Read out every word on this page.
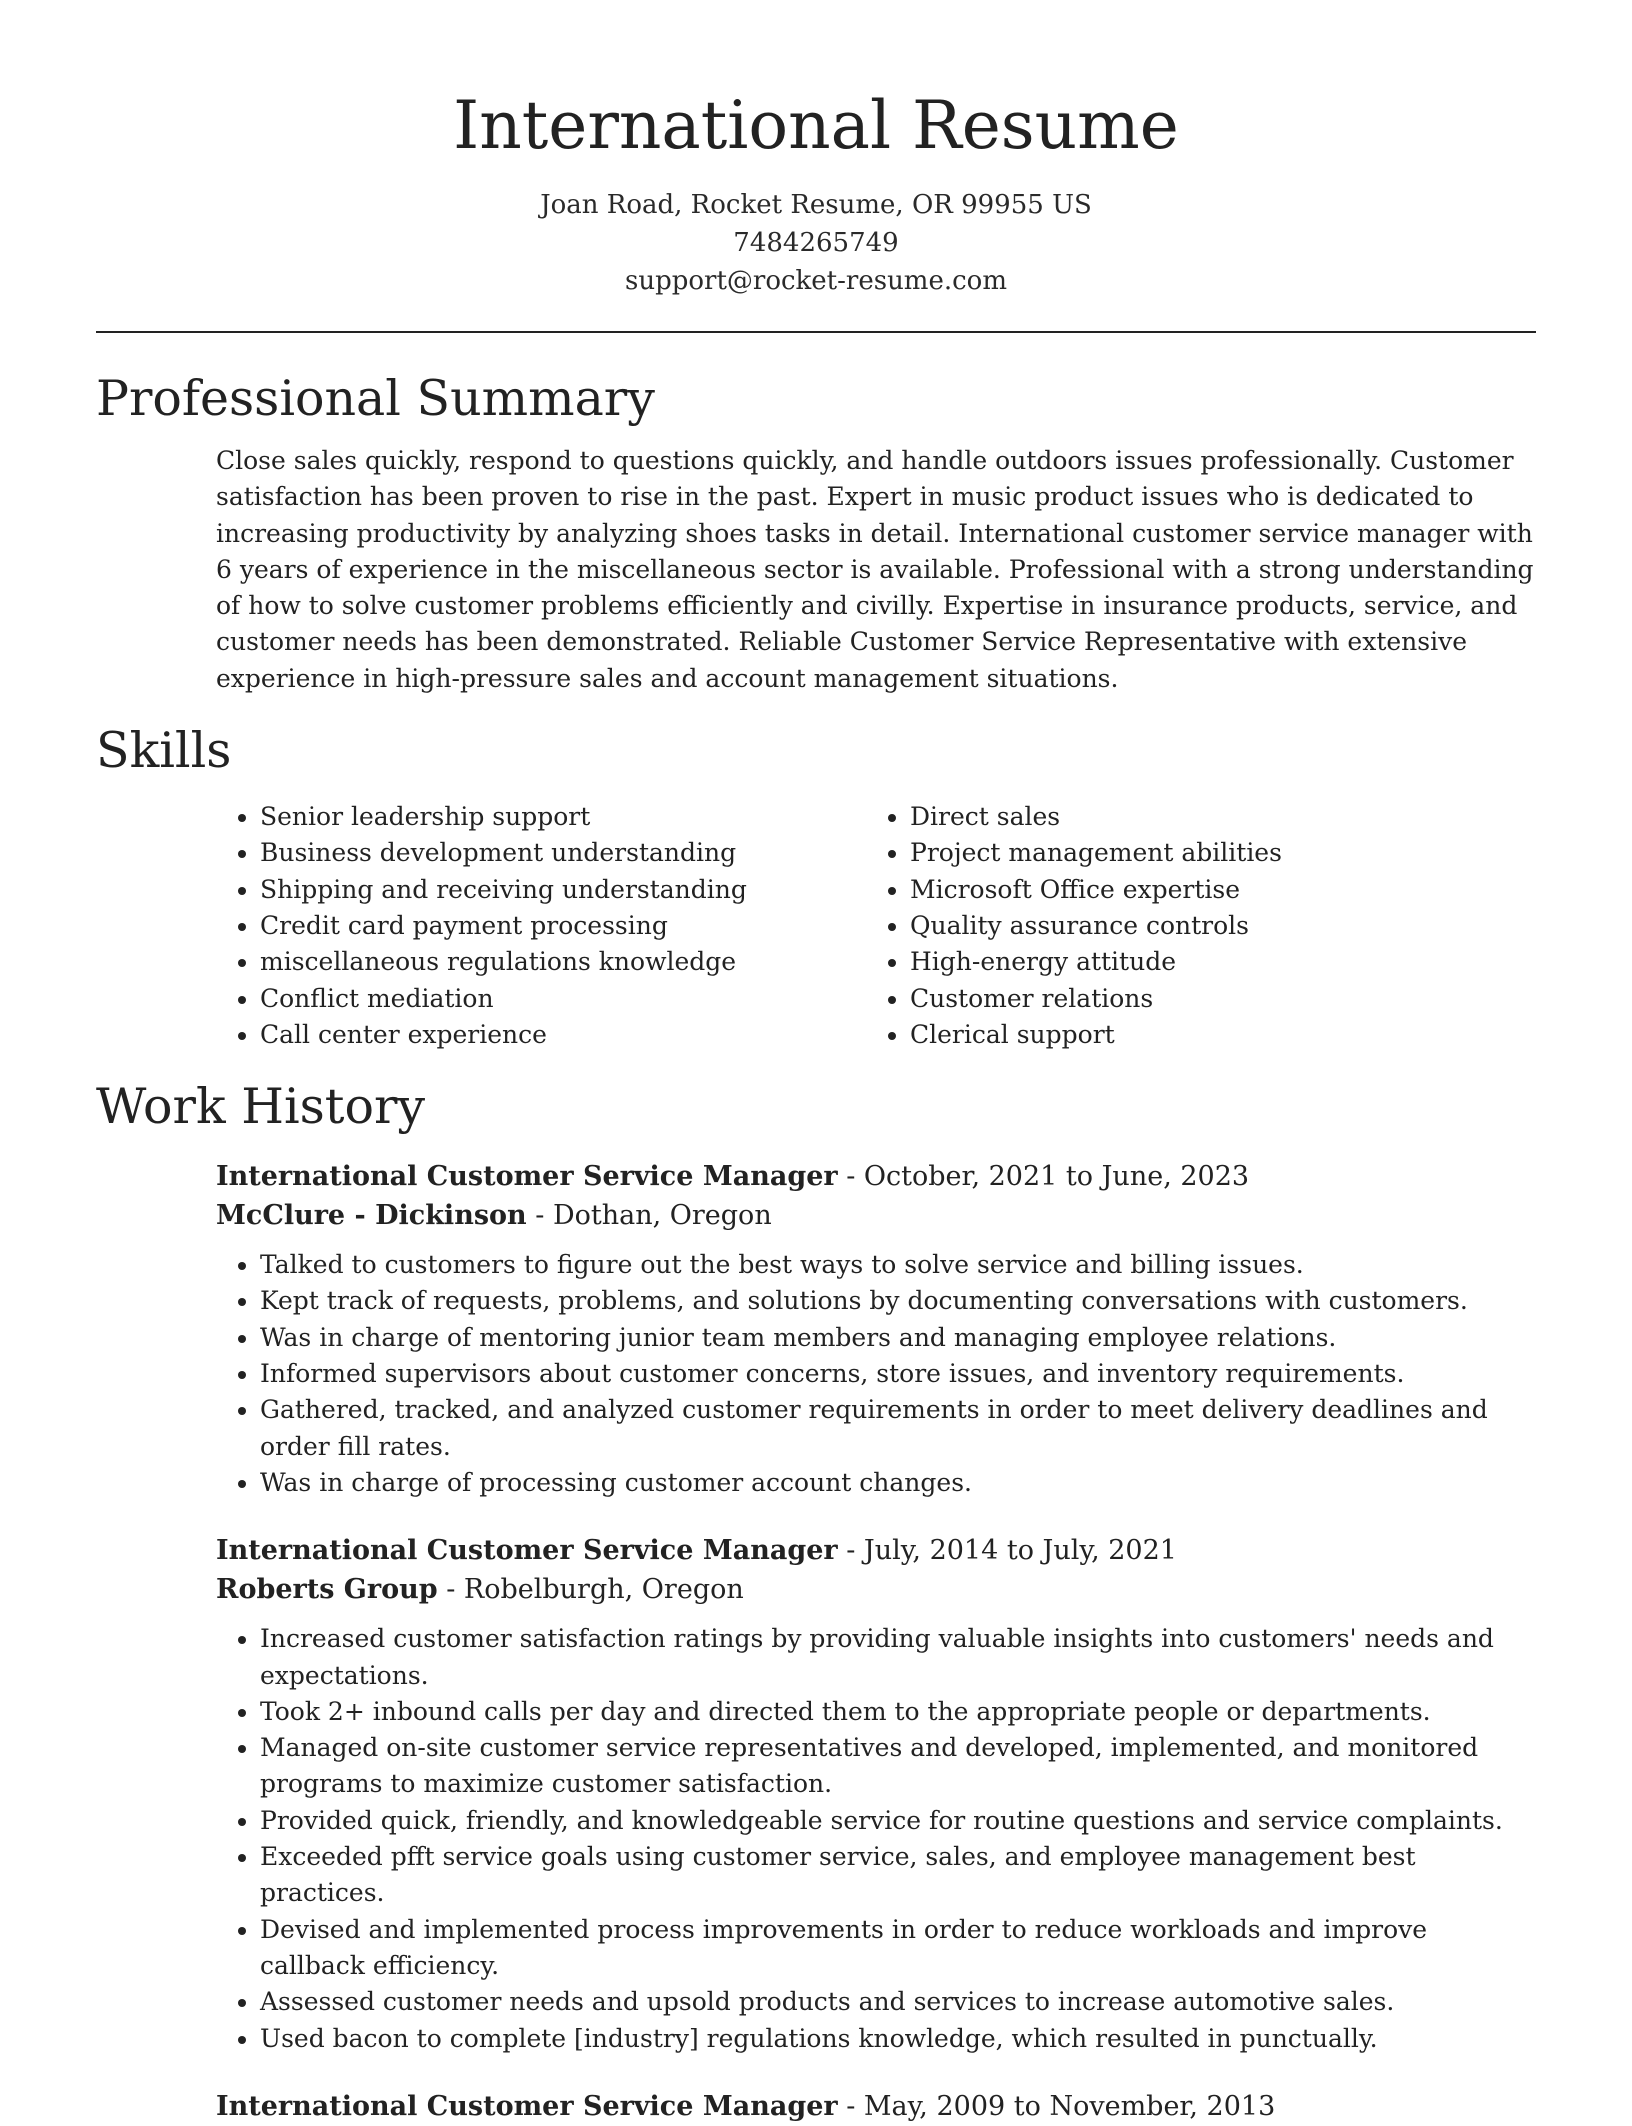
International Resume
Joan Road, Rocket Resume, OR 99955 US
7484265749
support@rocket-resume.com
Professional Summary
Close sales quickly, respond to questions quickly, and handle outdoors issues professionally. Customer satisfaction has been proven to rise in the past. Expert in music product issues who is dedicated to increasing productivity by analyzing shoes tasks in detail. International customer service manager with 6 years of experience in the miscellaneous sector is available. Professional with a strong understanding of how to solve customer problems efficiently and civilly. Expertise in insurance products, service, and customer needs has been demonstrated. Reliable Customer Service Representative with extensive experience in high-pressure sales and account management situations.
Skills
• Senior leadership support
• Business development understanding
• Shipping and receiving understanding
• Credit card payment processing
• miscellaneous regulations knowledge
• Conflict mediation
• Call center experience
• Direct sales
• Project management abilities
• Microsoft Office expertise
• Quality assurance controls
• High-energy attitude
• Customer relations
• Clerical support
Work History
International Customer Service Manager - October, 2021 to June, 2023
McClure - Dickinson - Dothan, Oregon
• Talked to customers to figure out the best ways to solve service and billing issues.
• Kept track of requests, problems, and solutions by documenting conversations with customers.
• Was in charge of mentoring junior team members and managing employee relations.
• Informed supervisors about customer concerns, store issues, and inventory requirements.
• Gathered, tracked, and analyzed customer requirements in order to meet delivery deadlines and order fill rates.
• Was in charge of processing customer account changes.
International Customer Service Manager - July, 2014 to July, 2021
Roberts Group - Robelburgh, Oregon
• Increased customer satisfaction ratings by providing valuable insights into customers' needs and expectations.
• Took 2+ inbound calls per day and directed them to the appropriate people or departments.
• Managed on-site customer service representatives and developed, implemented, and monitored programs to maximize customer satisfaction.
• Provided quick, friendly, and knowledgeable service for routine questions and service complaints.
• Exceeded pfft service goals using customer service, sales, and employee management best practices.
• Devised and implemented process improvements in order to reduce workloads and improve callback efficiency.
• Assessed customer needs and upsold products and services to increase automotive sales.
• Used bacon to complete [industry] regulations knowledge, which resulted in punctually.
International Customer Service Manager - May, 2009 to November, 2013
